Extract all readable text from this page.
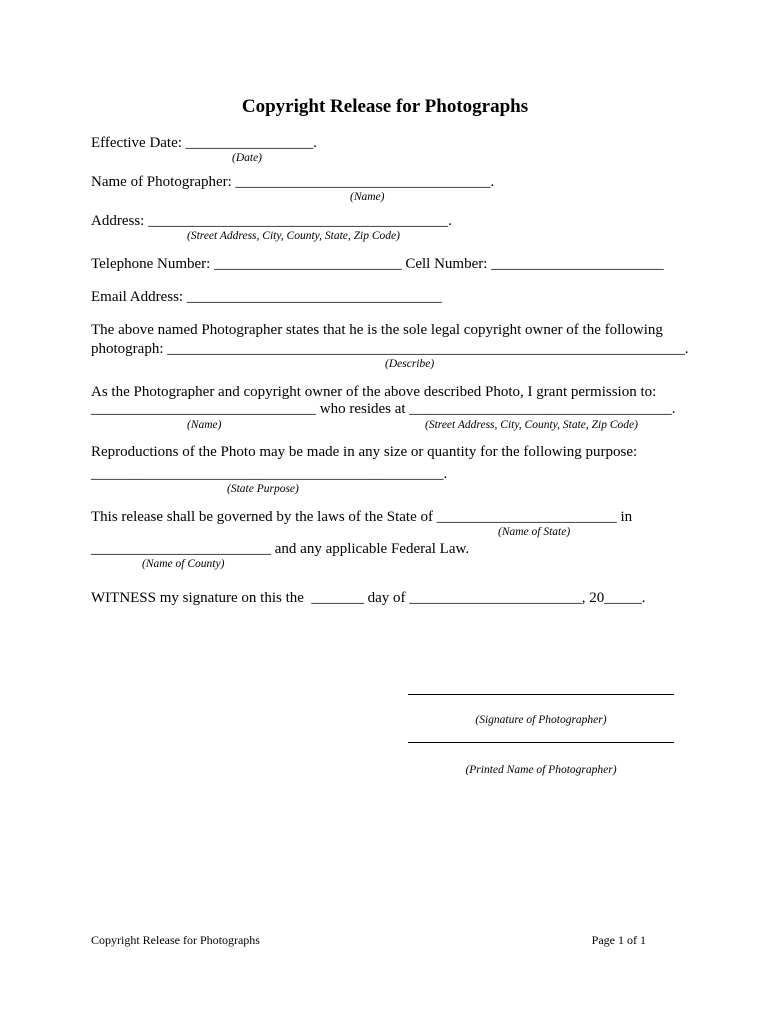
Copyright Release for Photographs
Effective Date: _________________.
(Date)
Name of Photographer: __________________________________.
(Name)
Address: ________________________________________.
(Street Address, City, County, State, Zip Code)
Telephone Number: _________________________ Cell Number: _______________________
Email Address: __________________________________
The above named Photographer states that he is the sole legal copyright owner of the following
photograph: _____________________________________________________________________.
(Describe)
As the Photographer and copyright owner of the above described Photo, I grant permission to:
______________________________ who resides at ___________________________________.
(Name)	(Street Address, City, County, State, Zip Code)
Reproductions of the Photo may be made in any size or quantity for the following purpose:
_______________________________________________.
(State Purpose)
This release shall be governed by the laws of the State of ________________________ in
(Name of State)
________________________ and any applicable Federal Law.
(Name of County)
WITNESS my signature on this the  _______ day of _______________________, 20_____.
(Signature of Photographer)
(Printed Name of Photographer)
Copyright Release for Photographs	Page 1 of 1
